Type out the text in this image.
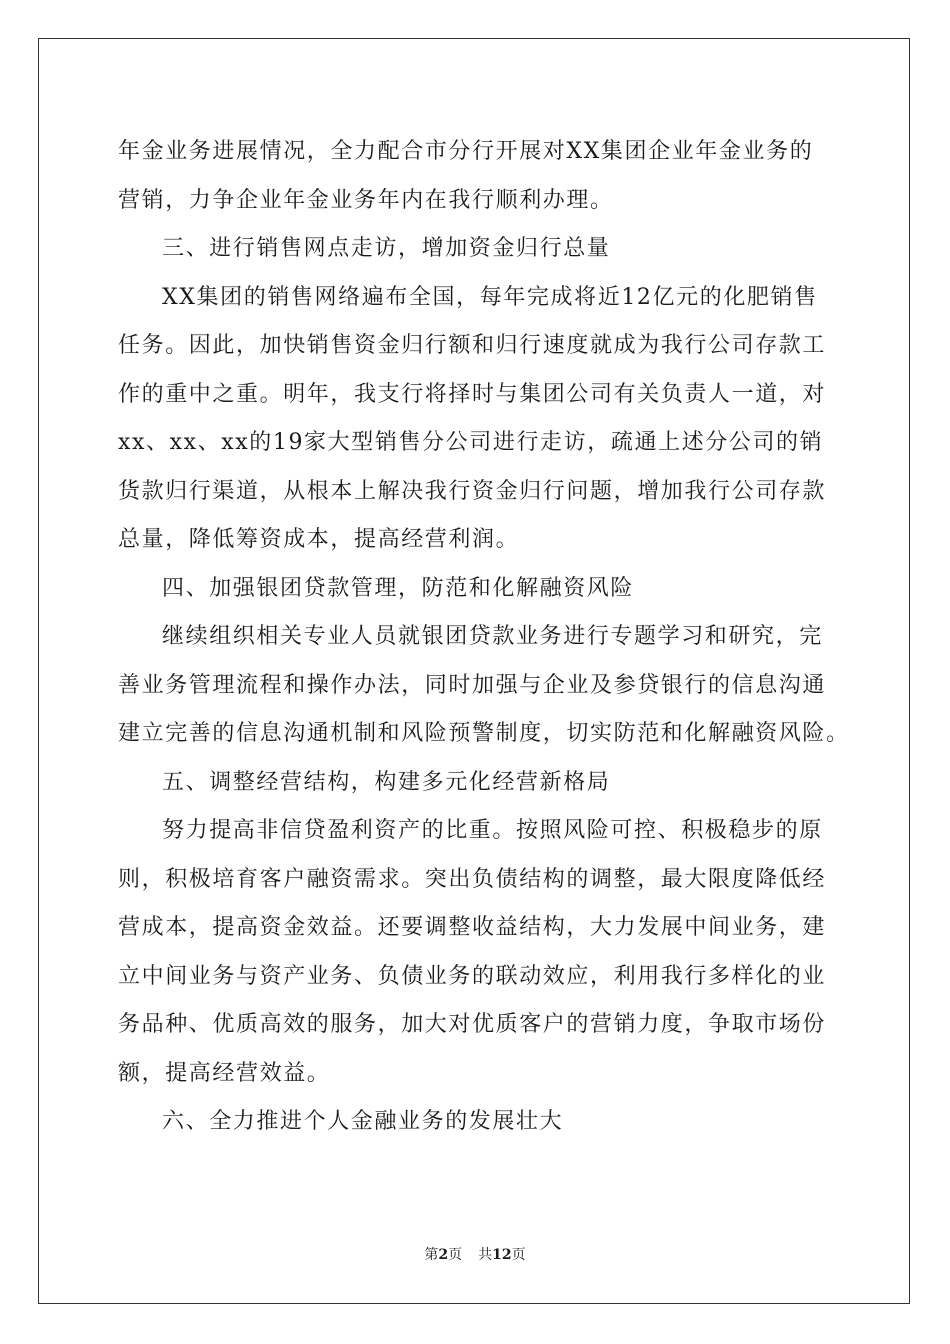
年金业务进展情况，全力配合市分行开展对XX集团企业年金业务的
营销，力争企业年金业务年内在我行顺利办理。
三、进行销售网点走访，增加资金归行总量
XX集团的销售网络遍布全国，每年完成将近12亿元的化肥销售
任务。因此，加快销售资金归行额和归行速度就成为我行公司存款工
作的重中之重。明年，我支行将择时与集团公司有关负责人一道，对
xx、xx、xx的19家大型销售分公司进行走访，疏通上述分公司的销
货款归行渠道，从根本上解决我行资金归行问题，增加我行公司存款
总量，降低筹资成本，提高经营利润。
四、加强银团贷款管理，防范和化解融资风险
继续组织相关专业人员就银团贷款业务进行专题学习和研究，完
善业务管理流程和操作办法，同时加强与企业及参贷银行的信息沟通
建立完善的信息沟通机制和风险预警制度，切实防范和化解融资风险。
五、调整经营结构，构建多元化经营新格局
努力提高非信贷盈利资产的比重。按照风险可控、积极稳步的原
则，积极培育客户融资需求。突出负债结构的调整，最大限度降低经
营成本，提高资金效益。还要调整收益结构，大力发展中间业务，建
立中间业务与资产业务、负债业务的联动效应，利用我行多样化的业
务品种、优质高效的服务，加大对优质客户的营销力度，争取市场份
额，提高经营效益。
六、全力推进个人金融业务的发展壮大
第2页 共12页
